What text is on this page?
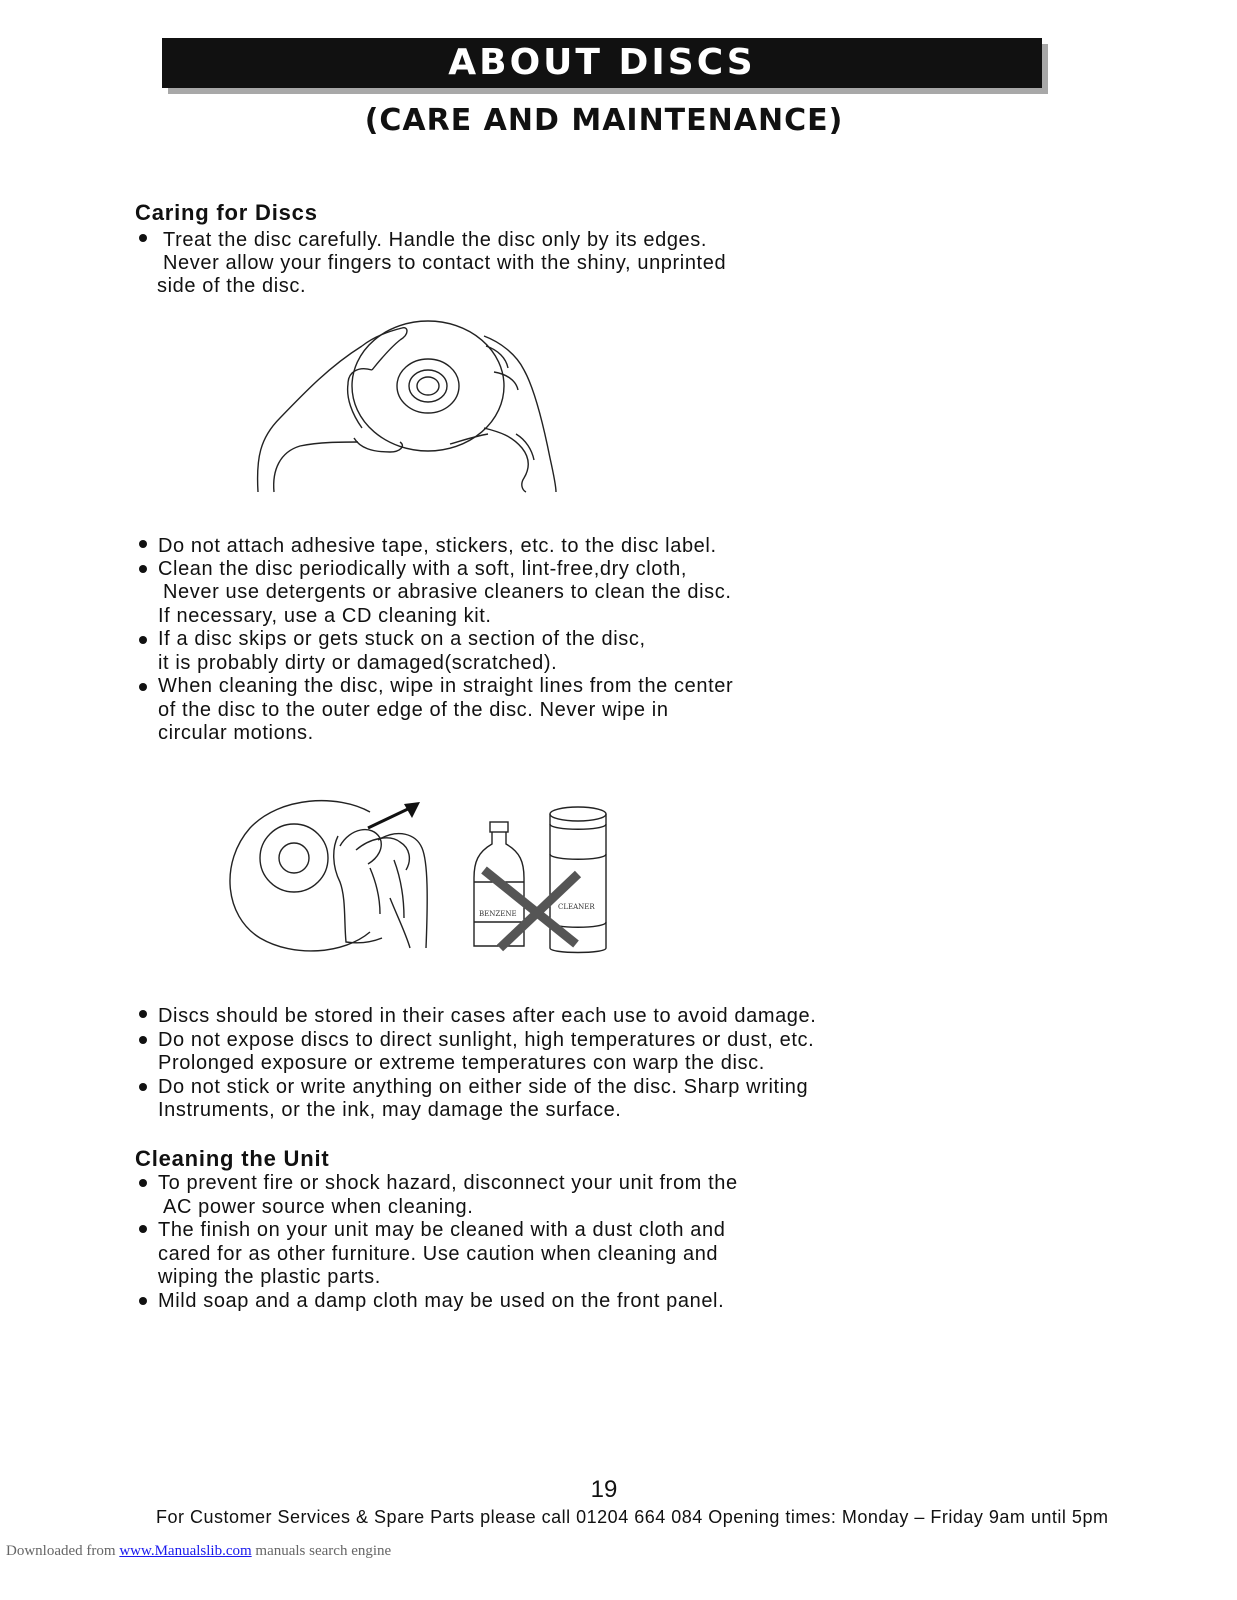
ABOUT DISCS
(CARE AND MAINTENANCE)
Caring for Discs
Treat the disc carefully. Handle the disc only by its edges.
Never allow your fingers to contact with the shiny, unprinted
side of the disc.
Do not attach adhesive tape, stickers, etc. to the disc label.
Clean the disc periodically with a soft, lint-free,dry cloth,
Never use detergents or abrasive cleaners to clean the disc.
If necessary, use a CD cleaning kit.
If a disc skips or gets stuck on a section of the disc,
it is probably dirty or damaged(scratched).
When cleaning the disc, wipe in straight lines from the center
of the disc to the outer edge of the disc. Never wipe in
circular motions.
BENZENE
CLEANER
Discs should be stored in their cases after each use to avoid damage.
Do not expose discs to direct sunlight, high temperatures or dust, etc.
Prolonged exposure or extreme temperatures con warp the disc.
Do not stick or write anything on either side of the disc. Sharp writing
Instruments, or the ink, may damage the surface.
Cleaning the Unit
To prevent fire or shock hazard, disconnect your unit from the
AC power source when cleaning.
The finish on your unit may be cleaned with a dust cloth and
cared for as other furniture. Use caution when cleaning and
wiping the plastic parts.
Mild soap and a damp cloth may be used on the front panel.
19
For Customer Services & Spare Parts please call 01204 664 084 Opening times: Monday – Friday 9am until 5pm
Downloaded from www.Manualslib.com manuals search engine
